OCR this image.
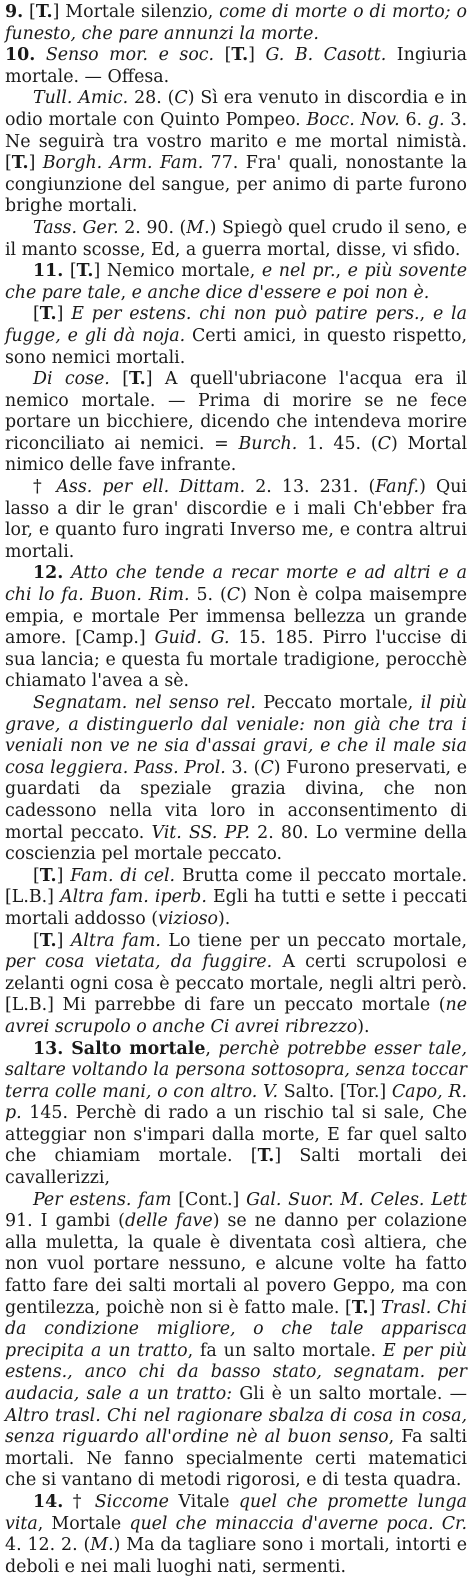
9. [T.] Mortale silenzio, come di morte o di morto; o funesto, che pare annunzi la morte.

10. Senso mor. e soc. [T.] G. B. Casott. Ingiuria mortale. — Offesa.

Tull. Amic. 28. (C) Sì era venuto in discordia e in odio mortale con Quinto Pompeo. Bocc. Nov. 6. g. 3. Ne seguirà tra vostro marito e me mortal nimistà. [T.] Borgh. Arm. Fam. 77. Fra' quali, nonostante la congiunzione del sangue, per animo di parte furono brighe mortali.

Tass. Ger. 2. 90. (M.) Spiegò quel crudo il seno, e il manto scosse, Ed, a guerra mortal, disse, vi sfido.

11. [T.] Nemico mortale, e nel pr., e più sovente che pare tale, e anche dice d'essere e poi non è.

[T.] E per estens. chi non può patire pers., e la fugge, e gli dà noja. Certi amici, in questo rispetto, sono nemici mortali.

Di cose. [T.] A quell'ubriacone l'acqua era il nemico mortale. — Prima di morire se ne fece portare un bicchiere, dicendo che intendeva morire riconciliato ai nemici. = Burch. 1. 45. (C) Mortal nimico delle fave infrante.

† Ass. per ell. Dittam. 2. 13. 231. (Fanf.) Qui lasso a dir le gran' discordie e i mali Ch'ebber fra lor, e quanto furo ingrati Inverso me, e contra altrui mortali.

12. Atto che tende a recar morte e ad altri e a chi lo fa. Buon. Rim. 5. (C) Non è colpa maisempre empia, e mortale Per immensa bellezza un grande amore. [Camp.] Guid. G. 15. 185. Pirro l'uccise di sua lancia; e questa fu mortale tradigione, perocchè chiamato l'avea a sè.

Segnatam. nel senso rel. Peccato mortale, il più grave, a distinguerlo dal veniale: non già che tra i veniali non ve ne sia d'assai gravi, e che il male sia cosa leggiera. Pass. Prol. 3. (C) Furono preservati, e guardati da speziale grazia divina, che non cadessono nella vita loro in acconsentimento di mortal peccato. Vit. SS. PP. 2. 80. Lo vermine della coscienzia pel mortale peccato.

[T.] Fam. di cel. Brutta come il peccato mortale. [L.B.] Altra fam. iperb. Egli ha tutti e sette i peccati mortali addosso (vizioso).

[T.] Altra fam. Lo tiene per un peccato mortale, per cosa vietata, da fuggire. A certi scrupolosi e zelanti ogni cosa è peccato mortale, negli altri però. [L.B.] Mi parrebbe di fare un peccato mortale (ne avrei scrupolo o anche Ci avrei ribrezzo).

13. Salto mortale, perchè potrebbe esser tale, saltare voltando la persona sottosopra, senza toccar terra colle mani, o con altro. V. Salto. [Tor.] Capo, R. p. 145. Perchè di rado a un rischio tal si sale, Che atteggiar non s'impari dalla morte, E far quel salto che chiamiam mortale. [T.] Salti mortali dei cavallerizzi,

Per estens. fam [Cont.] Gal. Suor. M. Celes. Lett 91. I gambi (delle fave) se ne danno per colazione alla muletta, la quale è diventata così altiera, che non vuol portare nessuno, e alcune volte ha fatto fatto fare dei salti mortali al povero Geppo, ma con gentilezza, poichè non si è fatto male. [T.] Trasl. Chi da condizione migliore, o che tale apparisca precipita a un tratto, fa un salto mortale. E per più estens., anco chi da basso stato, segnatam. per audacia, sale a un tratto: Gli è un salto mortale. — Altro trasl. Chi nel ragionare sbalza di cosa in cosa, senza riguardo all'ordine nè al buon senso, Fa salti mortali. Ne fanno specialmente certi matematici che si vantano di metodi rigorosi, e di testa quadra.

14. † Siccome Vitale quel che promette lunga vita, Mortale quel che minaccia d'averne poca. Cr. 4. 12. 2. (M.) Ma da tagliare sono i mortali, intorti e deboli e nei mali luoghi nati, sermenti.
